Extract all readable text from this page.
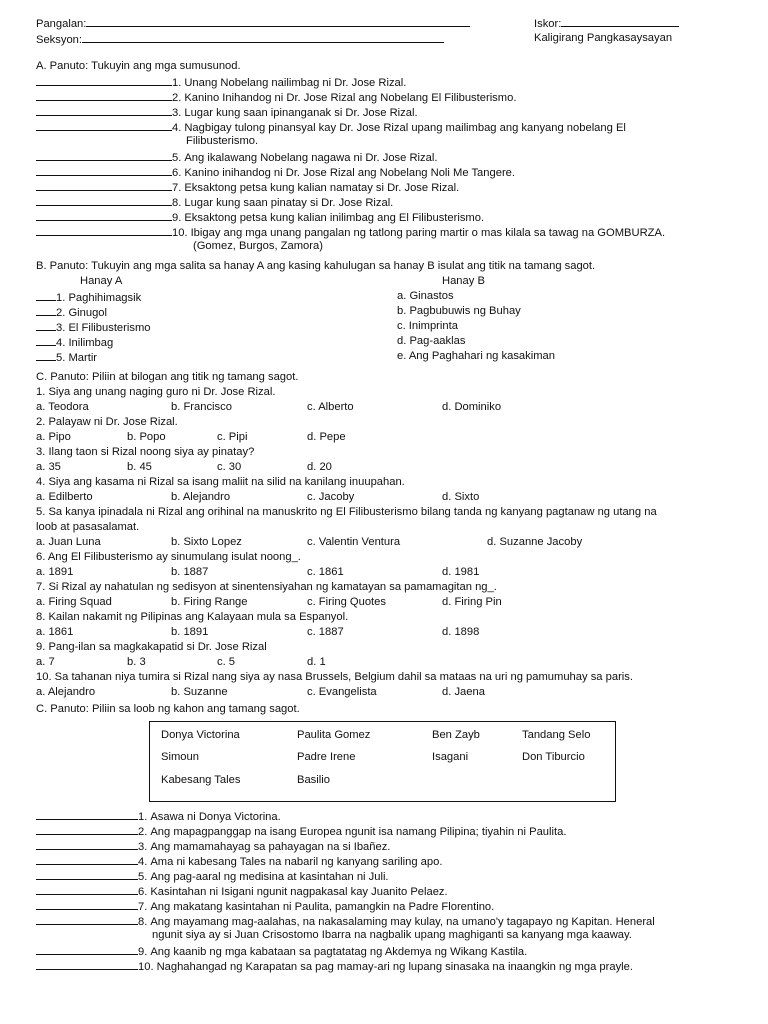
Pangalan:
Seksyon:
Iskor:
Kaligirang Pangkasaysayan
A. Panuto: Tukuyin ang mga sumusunod.
1. Unang Nobelang nailimbag ni Dr. Jose Rizal.
2. Kanino Inihandog ni Dr. Jose Rizal ang Nobelang El Filibusterismo.
3. Lugar kung saan ipinanganak si Dr. Jose Rizal.
4. Nagbigay tulong pinansyal kay Dr. Jose Rizal upang mailimbag ang kanyang nobelang El
Filibusterismo.
5. Ang ikalawang Nobelang nagawa ni Dr. Jose Rizal.
6. Kanino inihandog ni Dr. Jose Rizal ang Nobelang Noli Me Tangere.
7. Eksaktong petsa kung kalian namatay si Dr. Jose Rizal.
8. Lugar kung saan pinatay si Dr. Jose Rizal.
9. Eksaktong petsa kung kalian inilimbag ang El Filibusterismo.
10. Ibigay ang mga unang pangalan ng tatlong paring martir o mas kilala sa tawag na GOMBURZA.
(Gomez, Burgos, Zamora)
B. Panuto: Tukuyin ang mga salita sa hanay A ang kasing kahulugan sa hanay B isulat ang titik na tamang sagot.
Hanay A	Hanay B
1. Paghihimagsik	a. Ginastos
2. Ginugol	b. Pagbubuwis ng Buhay
3. El Filibusterismo	c. Inimprinta
4. Inilimbag	d. Pag-aaklas
5. Martir	e. Ang Paghahari ng kasakiman
C. Panuto: Piliin at bilogan ang titik ng tamang sagot.
1. Siya ang unang naging guro ni Dr. Jose Rizal.
a. Teodora	b. Francisco	c. Alberto	d. Dominiko
2. Palayaw ni Dr. Jose Rizal.
a. Pipo	b. Popo	c. Pipi	d. Pepe
3. Ilang taon si Rizal noong siya ay pinatay?
a. 35	b. 45	c. 30	d. 20
4. Siya ang kasama ni Rizal sa isang maliit na silid na kanilang inuupahan.
a. Edilberto	b. Alejandro	c. Jacoby	d. Sixto
5. Sa kanya ipinadala ni Rizal ang orihinal na manuskrito ng El Filibusterismo bilang tanda ng kanyang pagtanaw ng utang na
loob at pasasalamat.
a. Juan Luna	b. Sixto Lopez	c. Valentin Ventura	d. Suzanne Jacoby
6. Ang El Filibusterismo ay sinumulang isulat noong_.
a. 1891	b. 1887	c. 1861	d. 1981
7. Si Rizal ay nahatulan ng sedisyon at sinentensiyahan ng kamatayan sa pamamagitan ng_.
a. Firing Squad	b. Firing Range	c. Firing Quotes	d. Firing Pin
8. Kailan nakamit ng Pilipinas ang Kalayaan mula sa Espanyol.
a. 1861	b. 1891	c. 1887	d. 1898
9. Pang-ilan sa magkakapatid si Dr. Jose Rizal
a. 7	b. 3	c. 5	d. 1
10. Sa tahanan niya tumira si Rizal nang siya ay nasa Brussels, Belgium dahil sa mataas na uri ng pamumuhay sa paris.
a. Alejandro	b. Suzanne	c. Evangelista	d. Jaena
C. Panuto: Piliin sa loob ng kahon ang tamang sagot.
Donya Victorina	Paulita Gomez	Ben Zayb	Tandang Selo
Simoun	Padre Irene	Isagani	Don Tiburcio
Kabesang Tales	Basilio
1. Asawa ni Donya Victorina.
2. Ang mapagpanggap na isang Europea ngunit isa namang Pilipina; tiyahin ni Paulita.
3. Ang mamamahayag sa pahayagan na si Ibañez.
4. Ama ni kabesang Tales na nabaril ng kanyang sariling apo.
5. Ang pag-aaral ng medisina at kasintahan ni Juli.
6. Kasintahan ni Isigani ngunit nagpakasal kay Juanito Pelaez.
7. Ang makatang kasintahan ni Paulita, pamangkin na Padre Florentino.
8. Ang mayamang mag-aalahas, na nakasalaming may kulay, na umano'y tagapayo ng Kapitan. Heneral
ngunit siya ay si Juan Crisostomo Ibarra na nagbalik upang maghiganti sa kanyang mga kaaway.
9. Ang kaanib ng mga kabataan sa pagtatatag ng Akdemya ng Wikang Kastila.
10. Naghahangad ng Karapatan sa pag mamay-ari ng lupang sinasaka na inaangkin ng mga prayle.
